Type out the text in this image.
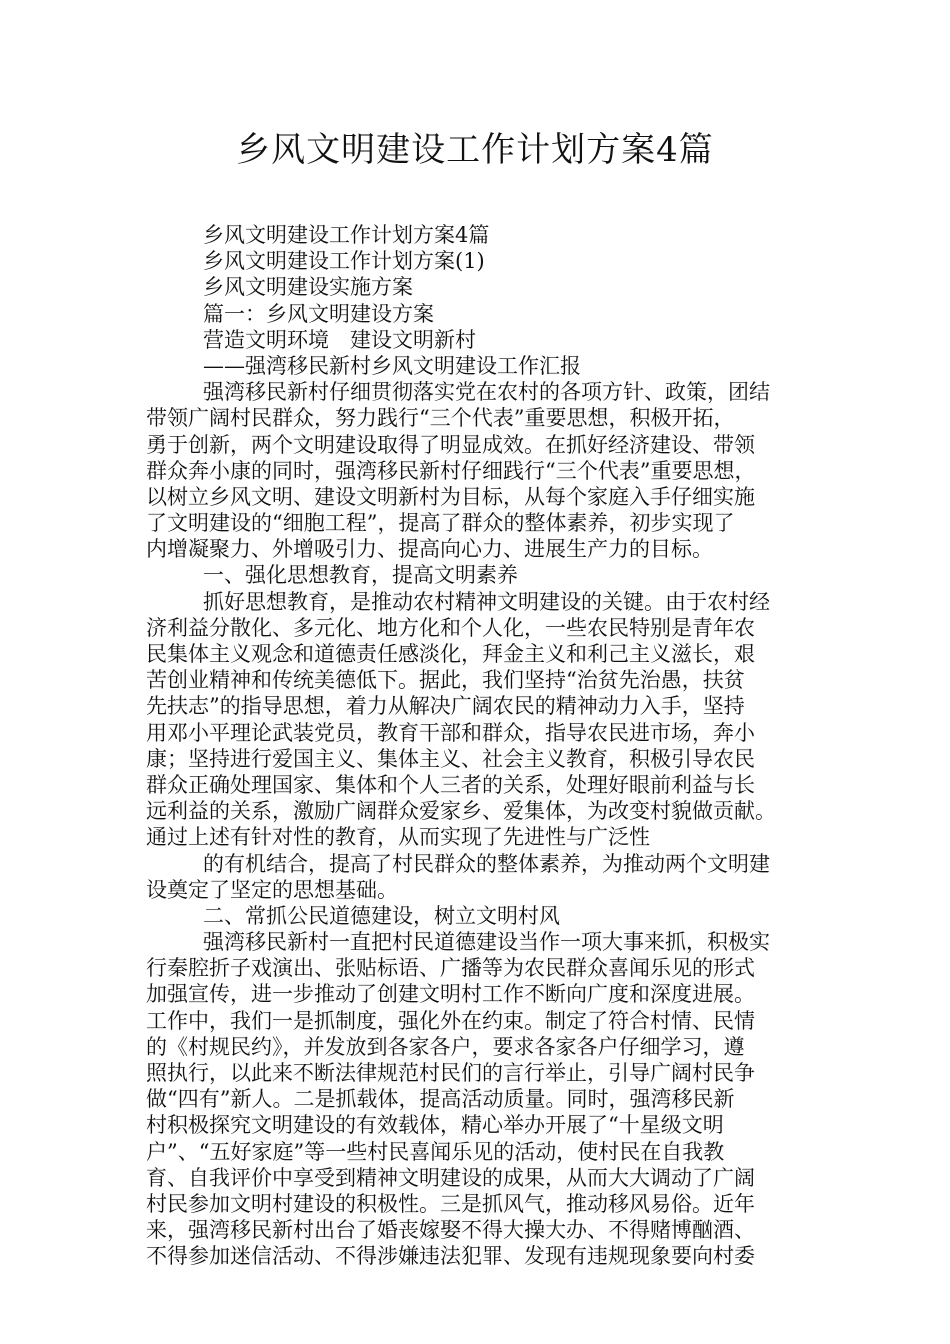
乡风文明建设工作计划方案4篇
乡风文明建设工作计划方案4篇
乡风文明建设工作计划方案(1)
乡风文明建设实施方案
篇一：乡风文明建设方案
营造文明环境　建设文明新村
——强湾移民新村乡风文明建设工作汇报
强湾移民新村仔细贯彻落实党在农村的各项方针、政策，团结
带领广阔村民群众，努力践行“三个代表”重要思想，积极开拓，
勇于创新，两个文明建设取得了明显成效。在抓好经济建设、带领
群众奔小康的同时，强湾移民新村仔细践行“三个代表”重要思想，
以树立乡风文明、建设文明新村为目标，从每个家庭入手仔细实施
了文明建设的“细胞工程”，提高了群众的整体素养，初步实现了
内增凝聚力、外增吸引力、提高向心力、进展生产力的目标。
一、强化思想教育，提高文明素养
抓好思想教育，是推动农村精神文明建设的关键。由于农村经
济利益分散化、多元化、地方化和个人化，一些农民特别是青年农
民集体主义观念和道德责任感淡化，拜金主义和利己主义滋长，艰
苦创业精神和传统美德低下。据此，我们坚持“治贫先治愚，扶贫
先扶志”的指导思想，着力从解决广阔农民的精神动力入手，坚持
用邓小平理论武装党员，教育干部和群众，指导农民进市场，奔小
康；坚持进行爱国主义、集体主义、社会主义教育，积极引导农民
群众正确处理国家、集体和个人三者的关系，处理好眼前利益与长
远利益的关系，激励广阔群众爱家乡、爱集体，为改变村貌做贡献。
通过上述有针对性的教育，从而实现了先进性与广泛性
的有机结合，提高了村民群众的整体素养，为推动两个文明建
设奠定了坚定的思想基础。
二、常抓公民道德建设，树立文明村风
强湾移民新村一直把村民道德建设当作一项大事来抓，积极实
行秦腔折子戏演出、张贴标语、广播等为农民群众喜闻乐见的形式
加强宣传，进一步推动了创建文明村工作不断向广度和深度进展。
工作中，我们一是抓制度，强化外在约束。制定了符合村情、民情
的《村规民约》，并发放到各家各户，要求各家各户仔细学习，遵
照执行，以此来不断法律规范村民们的言行举止，引导广阔村民争
做“四有”新人。二是抓载体，提高活动质量。同时，强湾移民新
村积极探究文明建设的有效载体，精心举办开展了“十星级文明
户”、“五好家庭”等一些村民喜闻乐见的活动，使村民在自我教
育、自我评价中享受到精神文明建设的成果，从而大大调动了广阔
村民参加文明村建设的积极性。三是抓风气，推动移风易俗。近年
来，强湾移民新村出台了婚丧嫁娶不得大操大办、不得赌博酗酒、
不得参加迷信活动、不得涉嫌违法犯罪、发现有违规现象要向村委
